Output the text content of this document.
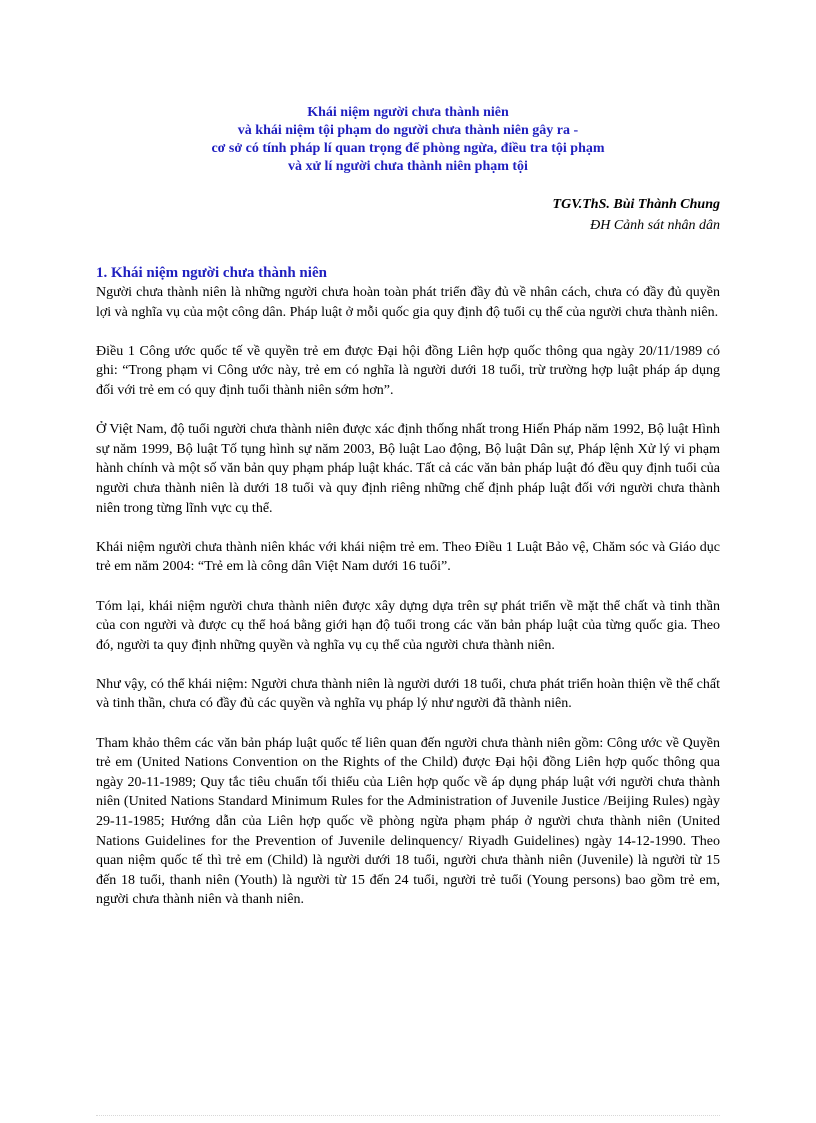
Khái niệm người chưa thành niên
và khái niệm tội phạm do người chưa thành niên gây ra -
cơ sở có tính pháp lí quan trọng để phòng ngừa, điều tra tội phạm
và xử lí người chưa thành niên phạm tội
TGV.ThS. Bùi Thành Chung
ĐH Cảnh sát nhân dân
1. Khái niệm người chưa thành niên

Người chưa thành niên là những người chưa hoàn toàn phát triển đầy đủ về nhân cách, chưa có đầy đủ quyền lợi và nghĩa vụ của một công dân. Pháp luật ở mỗi quốc gia quy định độ tuổi cụ thể của người chưa thành niên.

Điều 1 Công ước quốc tế về quyền trẻ em được Đại hội đồng Liên hợp quốc thông qua ngày 20/11/1989 có ghi: “Trong phạm vi Công ước này, trẻ em có nghĩa là người dưới 18 tuổi, trừ trường hợp luật pháp áp dụng đối với trẻ em có quy định tuổi thành niên sớm hơn”.

Ở Việt Nam, độ tuổi người chưa thành niên được xác định thống nhất trong Hiến Pháp năm 1992, Bộ luật Hình sự năm 1999, Bộ luật Tố tụng hình sự năm 2003, Bộ luật Lao động, Bộ luật Dân sự, Pháp lệnh Xử lý vi phạm hành chính và một số văn bản quy phạm pháp luật khác. Tất cả các văn bản pháp luật đó đều quy định tuổi của người chưa thành niên là dưới 18 tuổi và quy định riêng những chế định pháp luật đối với người chưa thành niên trong từng lĩnh vực cụ thể.

Khái niệm người chưa thành niên khác với khái niệm trẻ em. Theo Điều 1 Luật Bảo vệ, Chăm sóc và Giáo dục trẻ em năm 2004: “Trẻ em là công dân Việt Nam dưới 16 tuổi”.

Tóm lại, khái niệm người chưa thành niên được xây dựng dựa trên sự phát triển về mặt thể chất và tinh thần của con người và được cụ thể hoá bằng giới hạn độ tuổi trong các văn bản pháp luật của từng quốc gia. Theo đó, người ta quy định những quyền và nghĩa vụ cụ thể của người chưa thành niên.

Như vậy, có thể khái niệm: Người chưa thành niên là người dưới 18 tuổi, chưa phát triển hoàn thiện về thể chất và tinh thần, chưa có đầy đủ các quyền và nghĩa vụ pháp lý như người đã thành niên.

Tham khảo thêm các văn bản pháp luật quốc tế liên quan đến người chưa thành niên gồm: Công ước về Quyền trẻ em (United Nations Convention on the Rights of the Child) được Đại hội đồng Liên hợp quốc thông qua ngày 20-11-1989; Quy tắc tiêu chuẩn tối thiểu của Liên hợp quốc về áp dụng pháp luật với người chưa thành niên (United Nations Standard Minimum Rules for the Administration of Juvenile Justice /Beijing Rules) ngày 29-11-1985; Hướng dẫn của Liên hợp quốc về phòng ngừa phạm pháp ở người chưa thành niên (United Nations Guidelines for the Prevention of Juvenile delinquency/ Riyadh Guidelines) ngày 14-12-1990. Theo quan niệm quốc tế thì trẻ em (Child) là người dưới 18 tuổi, người chưa thành niên (Juvenile) là người từ 15 đến 18 tuổi, thanh niên (Youth) là người từ 15 đến 24 tuổi, người trẻ tuổi (Young persons) bao gồm trẻ em, người chưa thành niên và thanh niên.
